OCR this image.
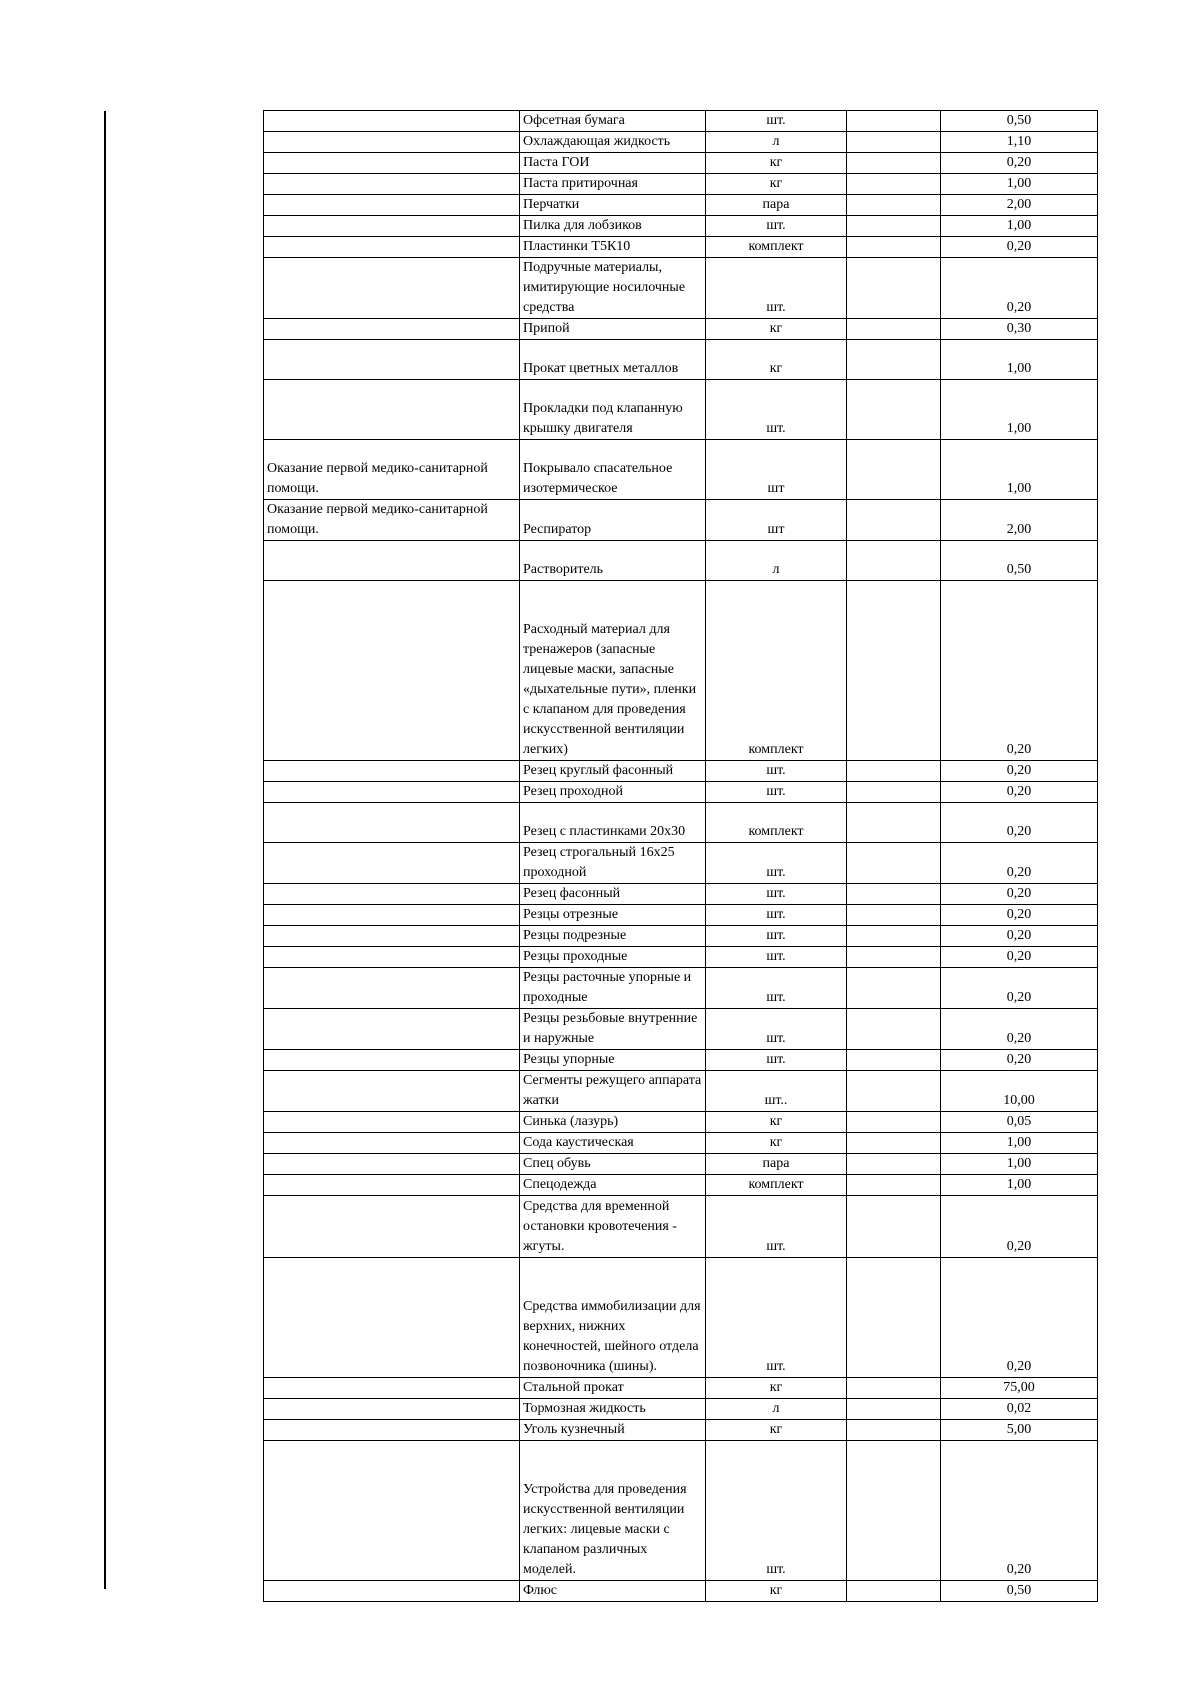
	Офсетная бумага	шт.		0,50
	Охлаждающая жидкость	л		1,10
	Паста ГОИ	кг		0,20
	Паста притирочная	кг		1,00
	Перчатки	пара		2,00
	Пилка для лобзиков	шт.		1,00
	Пластинки Т5К10	комплект		0,20
	Подручные материалы, имитирующие носилочные средства	шт.		0,20
	Припой	кг		0,30
	Прокат цветных металлов	кг		1,00
	Прокладки под клапанную крышку двигателя	шт.		1,00
Оказание первой медико-санитарной помощи.	Покрывало спасательное изотермическое	шт		1,00
Оказание первой медико-санитарной помощи.	Респиратор	шт		2,00
	Растворитель	л		0,50
	Расходный материал для тренажеров (запасные лицевые маски, запасные «дыхательные пути», пленки с клапаном для проведения искусственной вентиляции легких)	комплект		0,20
	Резец круглый фасонный	шт.		0,20
	Резец проходной	шт.		0,20
	Резец с пластинками 20х30	комплект		0,20
	Резец строгальный 16х25 проходной	шт.		0,20
	Резец фасонный	шт.		0,20
	Резцы отрезные	шт.		0,20
	Резцы подрезные	шт.		0,20
	Резцы проходные	шт.		0,20
	Резцы расточные упорные и проходные	шт.		0,20
	Резцы резьбовые внутренние и наружные	шт.		0,20
	Резцы упорные	шт.		0,20
	Сегменты режущего аппарата жатки	шт..		10,00
	Синька (лазурь)	кг		0,05
	Сода каустическая	кг		1,00
	Спец обувь	пара		1,00
	Спецодежда	комплект		1,00
	Средства для временной остановки кровотечения - жгуты.	шт.		0,20
	Средства иммобилизации для верхних, нижних конечностей, шейного отдела позвоночника (шины).	шт.		0,20
	Стальной прокат	кг		75,00
	Тормозная жидкость	л		0,02
	Уголь кузнечный	кг		5,00
	Устройства для проведения искусственной вентиляции легких: лицевые маски с клапаном различных моделей.	шт.		0,20
	Флюс	кг		0,50
